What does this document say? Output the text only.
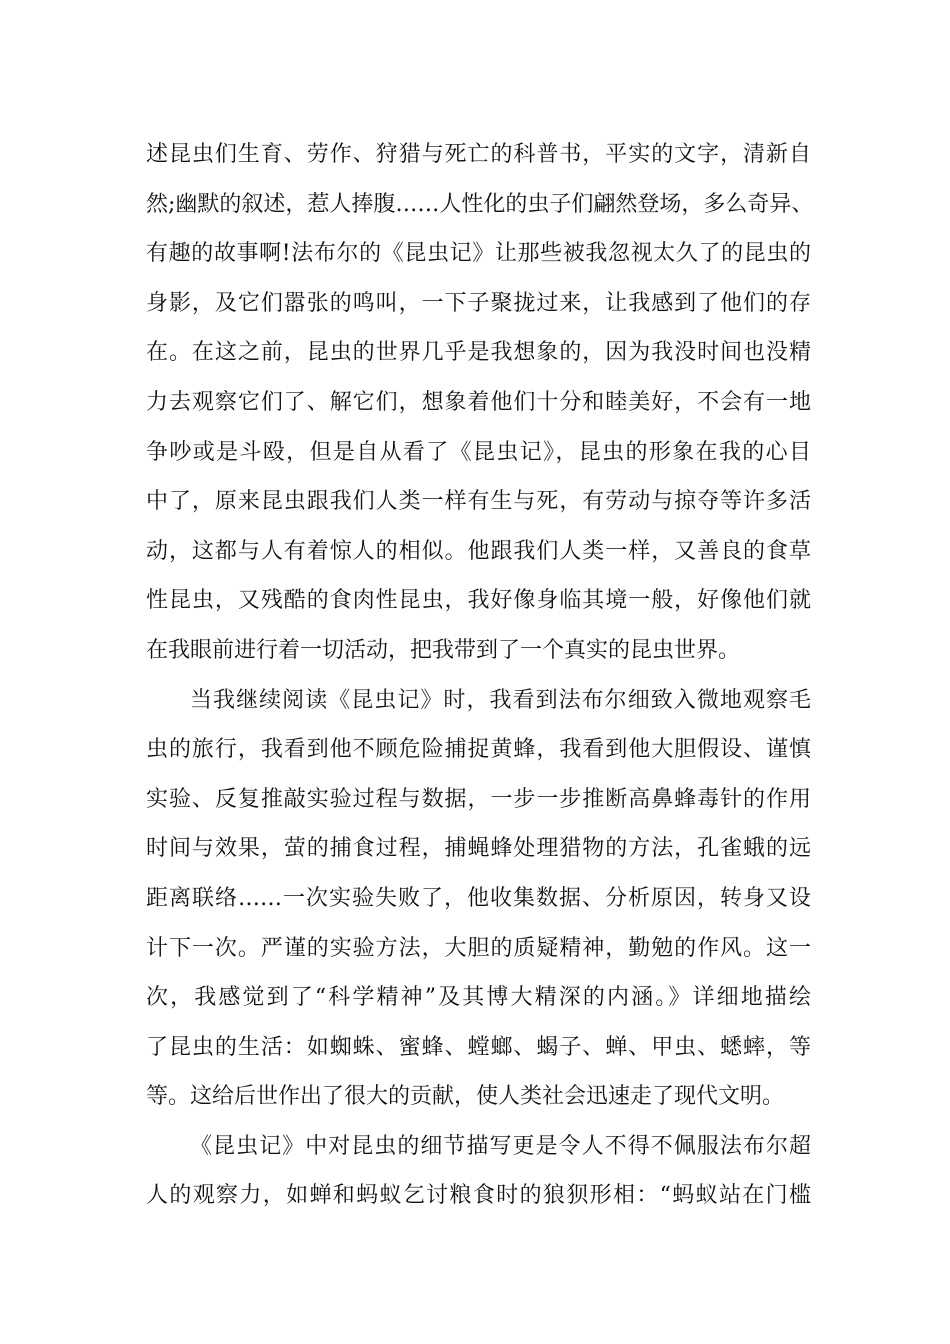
述昆虫们生育、劳作、狩猎与死亡的科普书，平实的文字，清新自
然;幽默的叙述，惹人捧腹……人性化的虫子们翩然登场，多么奇异、
有趣的故事啊!法布尔的《昆虫记》让那些被我忽视太久了的昆虫的
身影，及它们嚣张的鸣叫，一下子聚拢过来，让我感到了他们的存
在。在这之前，昆虫的世界几乎是我想象的，因为我没时间也没精
力去观察它们了、解它们，想象着他们十分和睦美好，不会有一地
争吵或是斗殴，但是自从看了《昆虫记》，昆虫的形象在我的心目
中了，原来昆虫跟我们人类一样有生与死，有劳动与掠夺等许多活
动，这都与人有着惊人的相似。他跟我们人类一样，又善良的食草
性昆虫，又残酷的食肉性昆虫，我好像身临其境一般，好像他们就
在我眼前进行着一切活动，把我带到了一个真实的昆虫世界。
当我继续阅读《昆虫记》时，我看到法布尔细致入微地观察毛
虫的旅行，我看到他不顾危险捕捉黄蜂，我看到他大胆假设、谨慎
实验、反复推敲实验过程与数据，一步一步推断高鼻蜂毒针的作用
时间与效果，萤的捕食过程，捕蝇蜂处理猎物的方法，孔雀蛾的远
距离联络……一次实验失败了，他收集数据、分析原因，转身又设
计下一次。严谨的实验方法，大胆的质疑精神，勤勉的作风。这一
次，我感觉到了“科学精神”及其博大精深的内涵。》详细地描绘
了昆虫的生活：如蜘蛛、蜜蜂、螳螂、蝎子、蝉、甲虫、蟋蟀，等
等。这给后世作出了很大的贡献，使人类社会迅速走了现代文明。
《昆虫记》中对昆虫的细节描写更是令人不得不佩服法布尔超
人的观察力，如蝉和蚂蚁乞讨粮食时的狼狈形相：“蚂蚁站在门槛
